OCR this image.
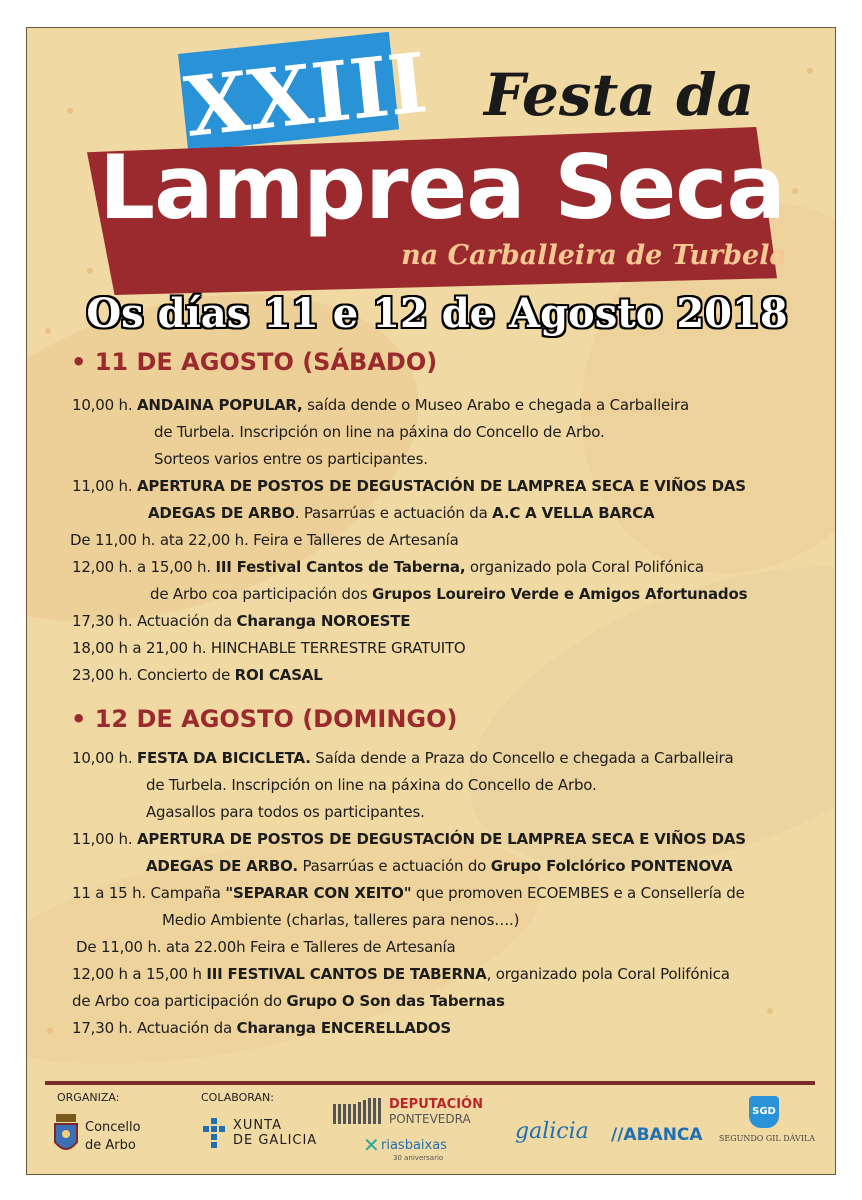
XXIII Festa da
Lamprea Seca
na Carballeira de Turbela
Os días 11 e 12 de Agosto 2018
• 11 DE AGOSTO (SÁBADO)
10,00 h. ANDAINA POPULAR, saída dende o Museo Arabo e chegada a Carballeira
de Turbela. Inscripción on line na páxina do Concello de Arbo.
Sorteos varios entre os participantes.
11,00 h. APERTURA DE POSTOS DE DEGUSTACIÓN DE LAMPREA SECA E VIÑOS DAS
ADEGAS DE ARBO. Pasarrúas e actuación da A.C A VELLA BARCA
De 11,00 h. ata 22,00 h. Feira e Talleres de Artesanía
12,00 h. a 15,00 h. III Festival Cantos de Taberna, organizado pola Coral Polifónica
de Arbo coa participación dos Grupos Loureiro Verde e Amigos Afortunados
17,30 h. Actuación da Charanga NOROESTE
18,00 h a 21,00 h. HINCHABLE TERRESTRE GRATUITO
23,00 h. Concierto de ROI CASAL
• 12 DE AGOSTO (DOMINGO)
10,00 h. FESTA DA BICICLETA. Saída dende a Praza do Concello e chegada a Carballeira
de Turbela. Inscripción on line na páxina do Concello de Arbo.
Agasallos para todos os participantes.
11,00 h. APERTURA DE POSTOS DE DEGUSTACIÓN DE LAMPREA SECA E VIÑOS DAS
ADEGAS DE ARBO. Pasarrúas e actuación do Grupo Folclórico PONTENOVA
11 a 15 h. Campaña "SEPARAR CON XEITO" que promoven ECOEMBES e a Consellería de
Medio Ambiente (charlas, talleres para nenos….)
De 11,00 h. ata 22.00h Feira e Talleres de Artesanía
12,00 h a 15,00 h III FESTIVAL CANTOS DE TABERNA, organizado pola Coral Polifónica
de Arbo coa participación do Grupo O Son das Tabernas
17,30 h. Actuación da Charanga ENCERELLADOS
ORGANIZA:	COLABORAN:
Concello
de Arbo
XUNTA
DE GALICIA
DEPUTACIÓN
PONTEVEDRA
✕ riasbaixas
30 aniversario
galicia //ABANCA
SGD
SEGUNDO GIL DÁVILA
